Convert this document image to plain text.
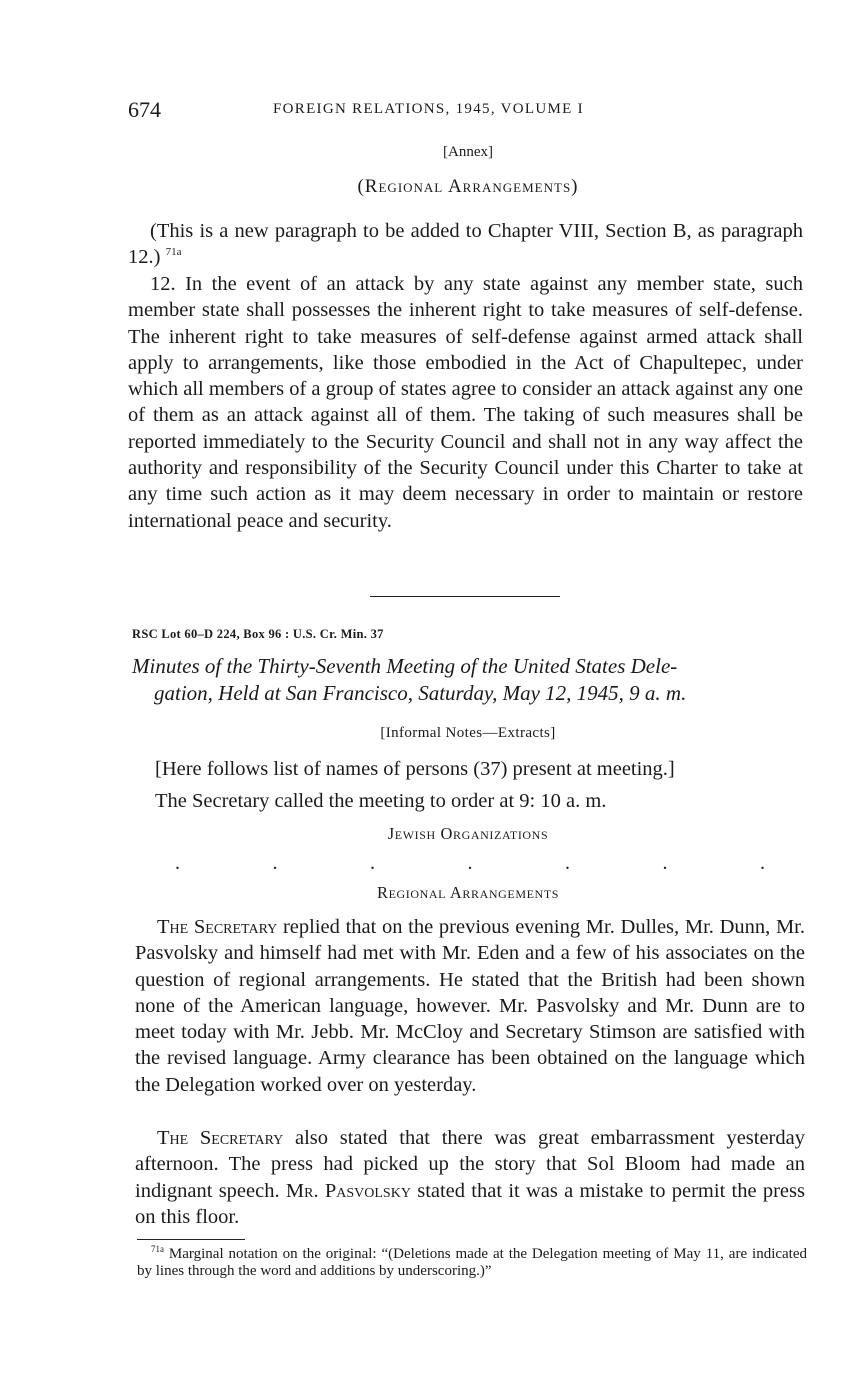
674	FOREIGN RELATIONS, 1945, VOLUME I
[Annex]
(Regional Arrangements)

(This is a new paragraph to be added to Chapter VIII, Section B, as paragraph 12.) $^{71a}$

12. In the event of an attack by any state against any member state, such member state shall possesses the inherent right to take measures of self-defense. The inherent right to take measures of self-defense against armed attack shall apply to arrangements, like those embodied in the Act of Chapultepec, under which all members of a group of states agree to consider an attack against any one of them as an attack against all of them. The taking of such measures shall be reported immediately to the Security Council and shall not in any way affect the authority and responsibility of the Security Council under this Charter to take at any time such action as it may deem necessary in order to maintain or restore international peace and security.

RSC Lot 60–D 224, Box 96 : U.S. Cr. Min. 37

Minutes of the Thirty-Seventh Meeting of the United States Dele-
gation, Held at San Francisco, Saturday, May 12, 1945, 9 a. m.

[Informal Notes—Extracts]

[Here follows list of names of persons (37) present at meeting.]

The Secretary called the meeting to order at 9: 10 a. m.

Jewish Organizations
.	.	.	.	.	.	.
Regional Arrangements

The Secretary replied that on the previous evening Mr. Dulles, Mr. Dunn, Mr. Pasvolsky and himself had met with Mr. Eden and a few of his associates on the question of regional arrangements. He stated that the British had been shown none of the American language, however. Mr. Pasvolsky and Mr. Dunn are to meet today with Mr. Jebb. Mr. McCloy and Secretary Stimson are satisfied with the revised language. Army clearance has been obtained on the language which the Delegation worked over on yesterday.

The Secretary also stated that there was great embarrassment yesterday afternoon. The press had picked up the story that Sol Bloom had made an indignant speech. Mr. Pasvolsky stated that it was a mistake to permit the press on this floor.

$^{71a}$ Marginal notation on the original: “(Deletions made at the Delegation meeting of May 11, are indicated by lines through the word and additions by underscoring.)”
